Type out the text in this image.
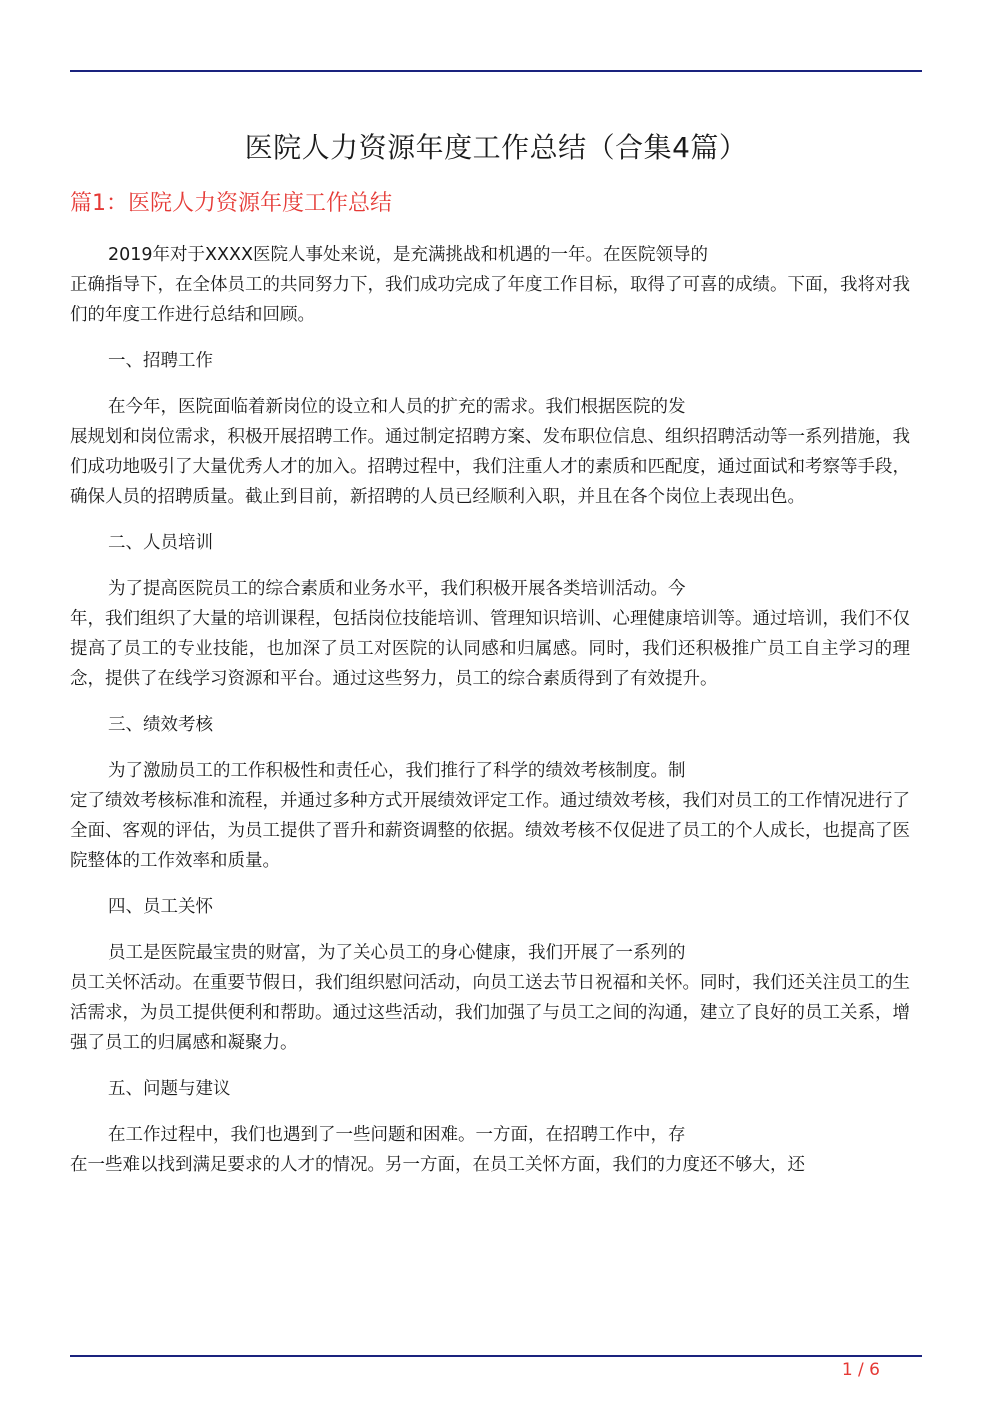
医院人力资源年度工作总结（合集4篇）
篇1：医院人力资源年度工作总结

2019年对于XXXX医院人事处来说，是充满挑战和机遇的一年。在医院领导的
正确指导下，在全体员工的共同努力下，我们成功完成了年度工作目标，取得了可喜的成绩。下面，我将对我们的年度工作进行总结和回顾。

一、招聘工作

在今年，医院面临着新岗位的设立和人员的扩充的需求。我们根据医院的发
展规划和岗位需求，积极开展招聘工作。通过制定招聘方案、发布职位信息、组织招聘活动等一系列措施，我们成功地吸引了大量优秀人才的加入。招聘过程中，我们注重人才的素质和匹配度，通过面试和考察等手段，确保人员的招聘质量。截止到目前，新招聘的人员已经顺利入职，并且在各个岗位上表现出色。

二、人员培训

为了提高医院员工的综合素质和业务水平，我们积极开展各类培训活动。今
年，我们组织了大量的培训课程，包括岗位技能培训、管理知识培训、心理健康培训等。通过培训，我们不仅提高了员工的专业技能，也加深了员工对医院的认同感和归属感。同时，我们还积极推广员工自主学习的理念，提供了在线学习资源和平台。通过这些努力，员工的综合素质得到了有效提升。

三、绩效考核

为了激励员工的工作积极性和责任心，我们推行了科学的绩效考核制度。制
定了绩效考核标准和流程，并通过多种方式开展绩效评定工作。通过绩效考核，我们对员工的工作情况进行了全面、客观的评估，为员工提供了晋升和薪资调整的依据。绩效考核不仅促进了员工的个人成长，也提高了医院整体的工作效率和质量。

四、员工关怀

员工是医院最宝贵的财富，为了关心员工的身心健康，我们开展了一系列的
员工关怀活动。在重要节假日，我们组织慰问活动，向员工送去节日祝福和关怀。同时，我们还关注员工的生活需求，为员工提供便利和帮助。通过这些活动，我们加强了与员工之间的沟通，建立了良好的员工关系，增强了员工的归属感和凝聚力。

五、问题与建议

在工作过程中，我们也遇到了一些问题和困难。一方面，在招聘工作中，存
在一些难以找到满足要求的人才的情况。另一方面，在员工关怀方面，我们的力度还不够大，还

1 / 6
